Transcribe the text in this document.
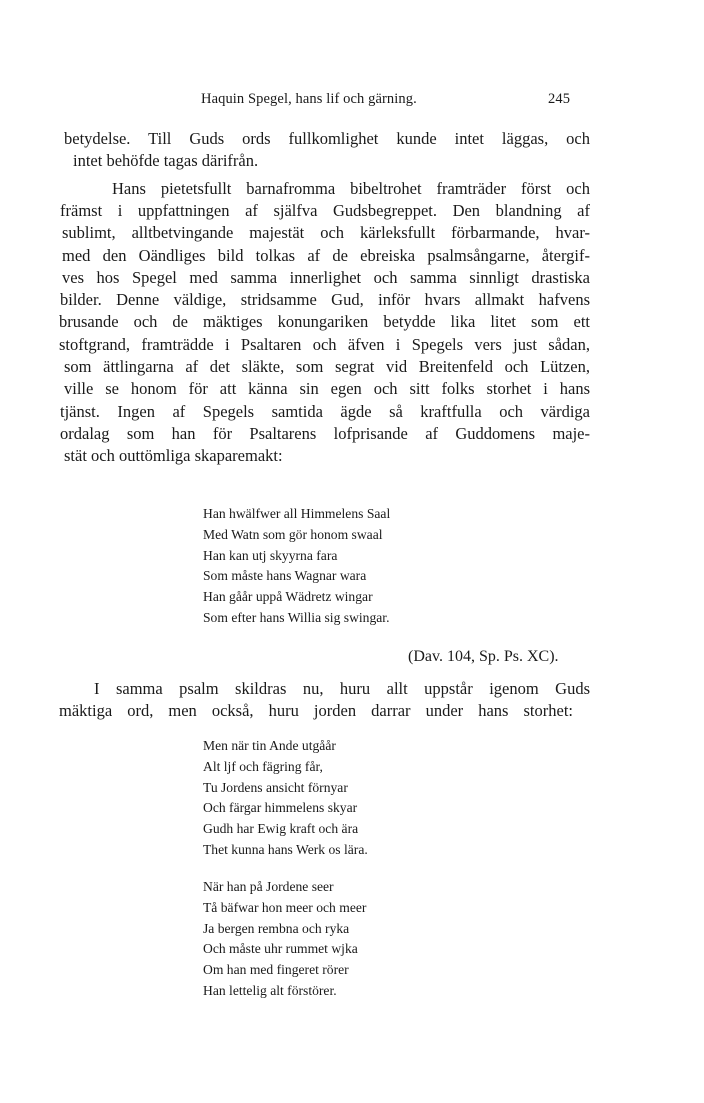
Haquin Spegel, hans lif och gärning.	245
betydelse. Till Guds ords fullkomlighet kunde intet läggas, och
intet behöfde tagas därifrån.
Hans pietetsfullt barnafromma bibeltrohet framträder först och
främst i uppfattningen af själfva Gudsbegreppet. Den blandning af
sublimt, alltbetvingande majestät och kärleksfullt förbarmande, hvar-
med den Oändliges bild tolkas af de ebreiska psalmsångarne, återgif-
ves hos Spegel med samma innerlighet och samma sinnligt drastiska
bilder. Denne väldige, stridsamme Gud, inför hvars allmakt hafvens
brusande och de mäktiges konungariken betydde lika litet som ett
stoftgrand, framträdde i Psaltaren och äfven i Spegels vers just sådan,
som ättlingarna af det släkte, som segrat vid Breitenfeld och Lützen,
ville se honom för att känna sin egen och sitt folks storhet i hans
tjänst. Ingen af Spegels samtida ägde så kraftfulla och värdiga
ordalag som han för Psaltarens lofprisande af Guddomens maje-
stät och outtömliga skaparemakt:
Han hwälfwer all Himmelens Saal
Med Watn som gör honom swaal
Han kan utj skyyrna fara
Som måste hans Wagnar wara
Han gåår uppå Wädretz wingar
Som efter hans Willia sig swingar.
(Dav. 104, Sp. Ps. XC).
I samma psalm skildras nu, huru allt uppstår igenom Guds
mäktiga ord, men också, huru jorden darrar under hans storhet:
Men när tin Ande utgåår
Alt ljf och fägring får,
Tu Jordens ansicht förnyar
Och färgar himmelens skyar
Gudh har Ewig kraft och ära
Thet kunna hans Werk os lära.
När han på Jordene seer
Tå bäfwar hon meer och meer
Ja bergen rembna och ryka
Och måste uhr rummet wjka
Om han med fingeret rörer
Han lettelig alt förstörer.
